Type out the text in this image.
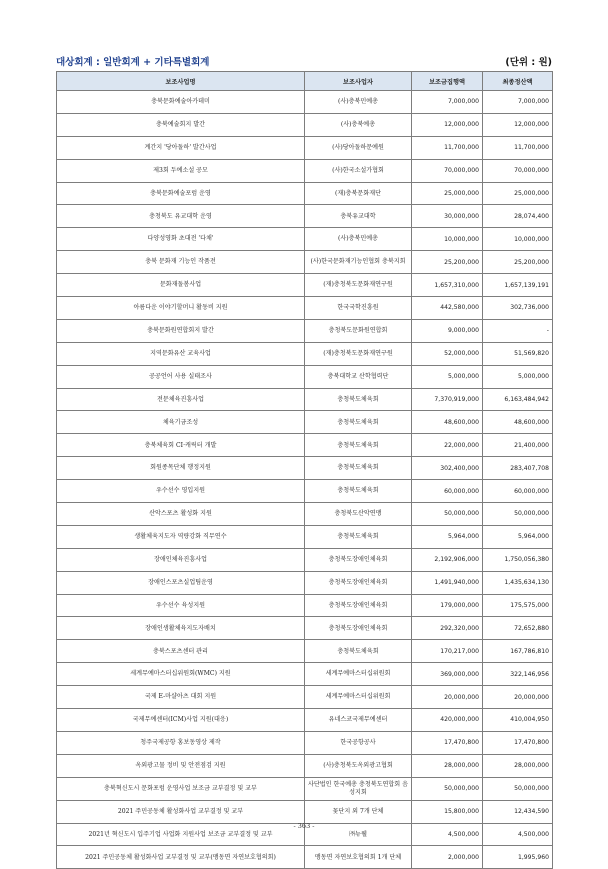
대상회계 : 일반회계 + 기타특별회계	(단위 : 원)
보조사업명	보조사업자	보조금집행액	최종정산액
충북문화예술아카데미	(사)충북민예총	7,000,000	7,000,000
충북예술회지 발간	(사)충북예총	12,000,000	12,000,000
계간지 '당아돌하' 발간사업	(사)당아돌하문예원	11,700,000	11,700,000
제3회 두예소설 공모	(사)한국소설가협회	70,000,000	70,000,000
충북문화예술포럼 운영	(재)충북문화재단	25,000,000	25,000,000
충청북도 유교대학 운영	충북유교대학	30,000,000	28,074,400
다양성영화 초대전 '다채'	(사)충북민예총	10,000,000	10,000,000
충북 문화재 기능인 작품전	(사)한국문화재기능인협회 충북지회	25,200,000	25,200,000
문화재돌봄사업	(재)충청북도문화재연구원	1,657,310,000	1,657,139,191
아름다운 이야기할머니 활동비 지원	한국국학진흥원	442,580,000	302,736,000
충북문화원연합회지 발간	충청북도문화원연합회	9,000,000	-
지역문화유산 교육사업	(재)충청북도문화재연구원	52,000,000	51,569,820
공공언어 사용 실태조사	충북대학교 산학협력단	5,000,000	5,000,000
전문체육진흥사업	충청북도체육회	7,370,919,000	6,163,484,942
체육기금조성	충청북도체육회	48,600,000	48,600,000
충북체육회 CI·캐릭터 개발	충청북도체육회	22,000,000	21,400,000
회원종목단체 행정지원	충청북도체육회	302,400,000	283,407,708
우수선수 영입지원	충청북도체육회	60,000,000	60,000,000
산악스포츠 활성화 지원	충청북도산악연맹	50,000,000	50,000,000
생활체육지도자 역량강화 직무연수	충청북도체육회	5,964,000	5,964,000
장애인체육진흥사업	충청북도장애인체육회	2,192,906,000	1,750,056,380
장애인스포츠실업팀운영	충청북도장애인체육회	1,491,940,000	1,435,634,130
우수선수 육성지원	충청북도장애인체육회	179,000,000	175,575,000
장애인생활체육지도자배치	충청북도장애인체육회	292,320,000	72,652,880
충북스포츠센터 관리	충청북도체육회	170,217,000	167,786,810
세계무예마스터십위원회(WMC) 지원	세계무예마스터십위원회	369,000,000	322,146,956
국제 E-마샬아츠 대회 지원	세계무예마스터십위원회	20,000,000	20,000,000
국제무예센터(ICM)사업 지원(대응)	유네스코국제무예센터	420,000,000	410,004,950
청주국제공항 홍보동영상 제작	한국공항공사	17,470,800	17,470,800
옥외광고물 정비 및 안전점검 지원	(사)충청북도옥외광고협회	28,000,000	28,000,000
충북혁신도시 문화포럼 운영사업 보조금 교부결정 및 교부	사단법인 한국예총 충청북도연합회 음성지회	50,000,000	50,000,000
2021 주민공동체 활성화사업 교부결정 및 교부	꽃단지 외 7개 단체	15,800,000	12,434,590
2021년 혁신도시 입주기업 사업화 지원사업 보조금 교부결정 및 교부	㈜뉴웰	4,500,000	4,500,000
2021 주민공동체 활성화사업 교부결정 및 교부(맹동면 자연보호협의회)	맹동면 자연보호협의회 1개 단체	2,000,000	1,995,960
- 363 -
